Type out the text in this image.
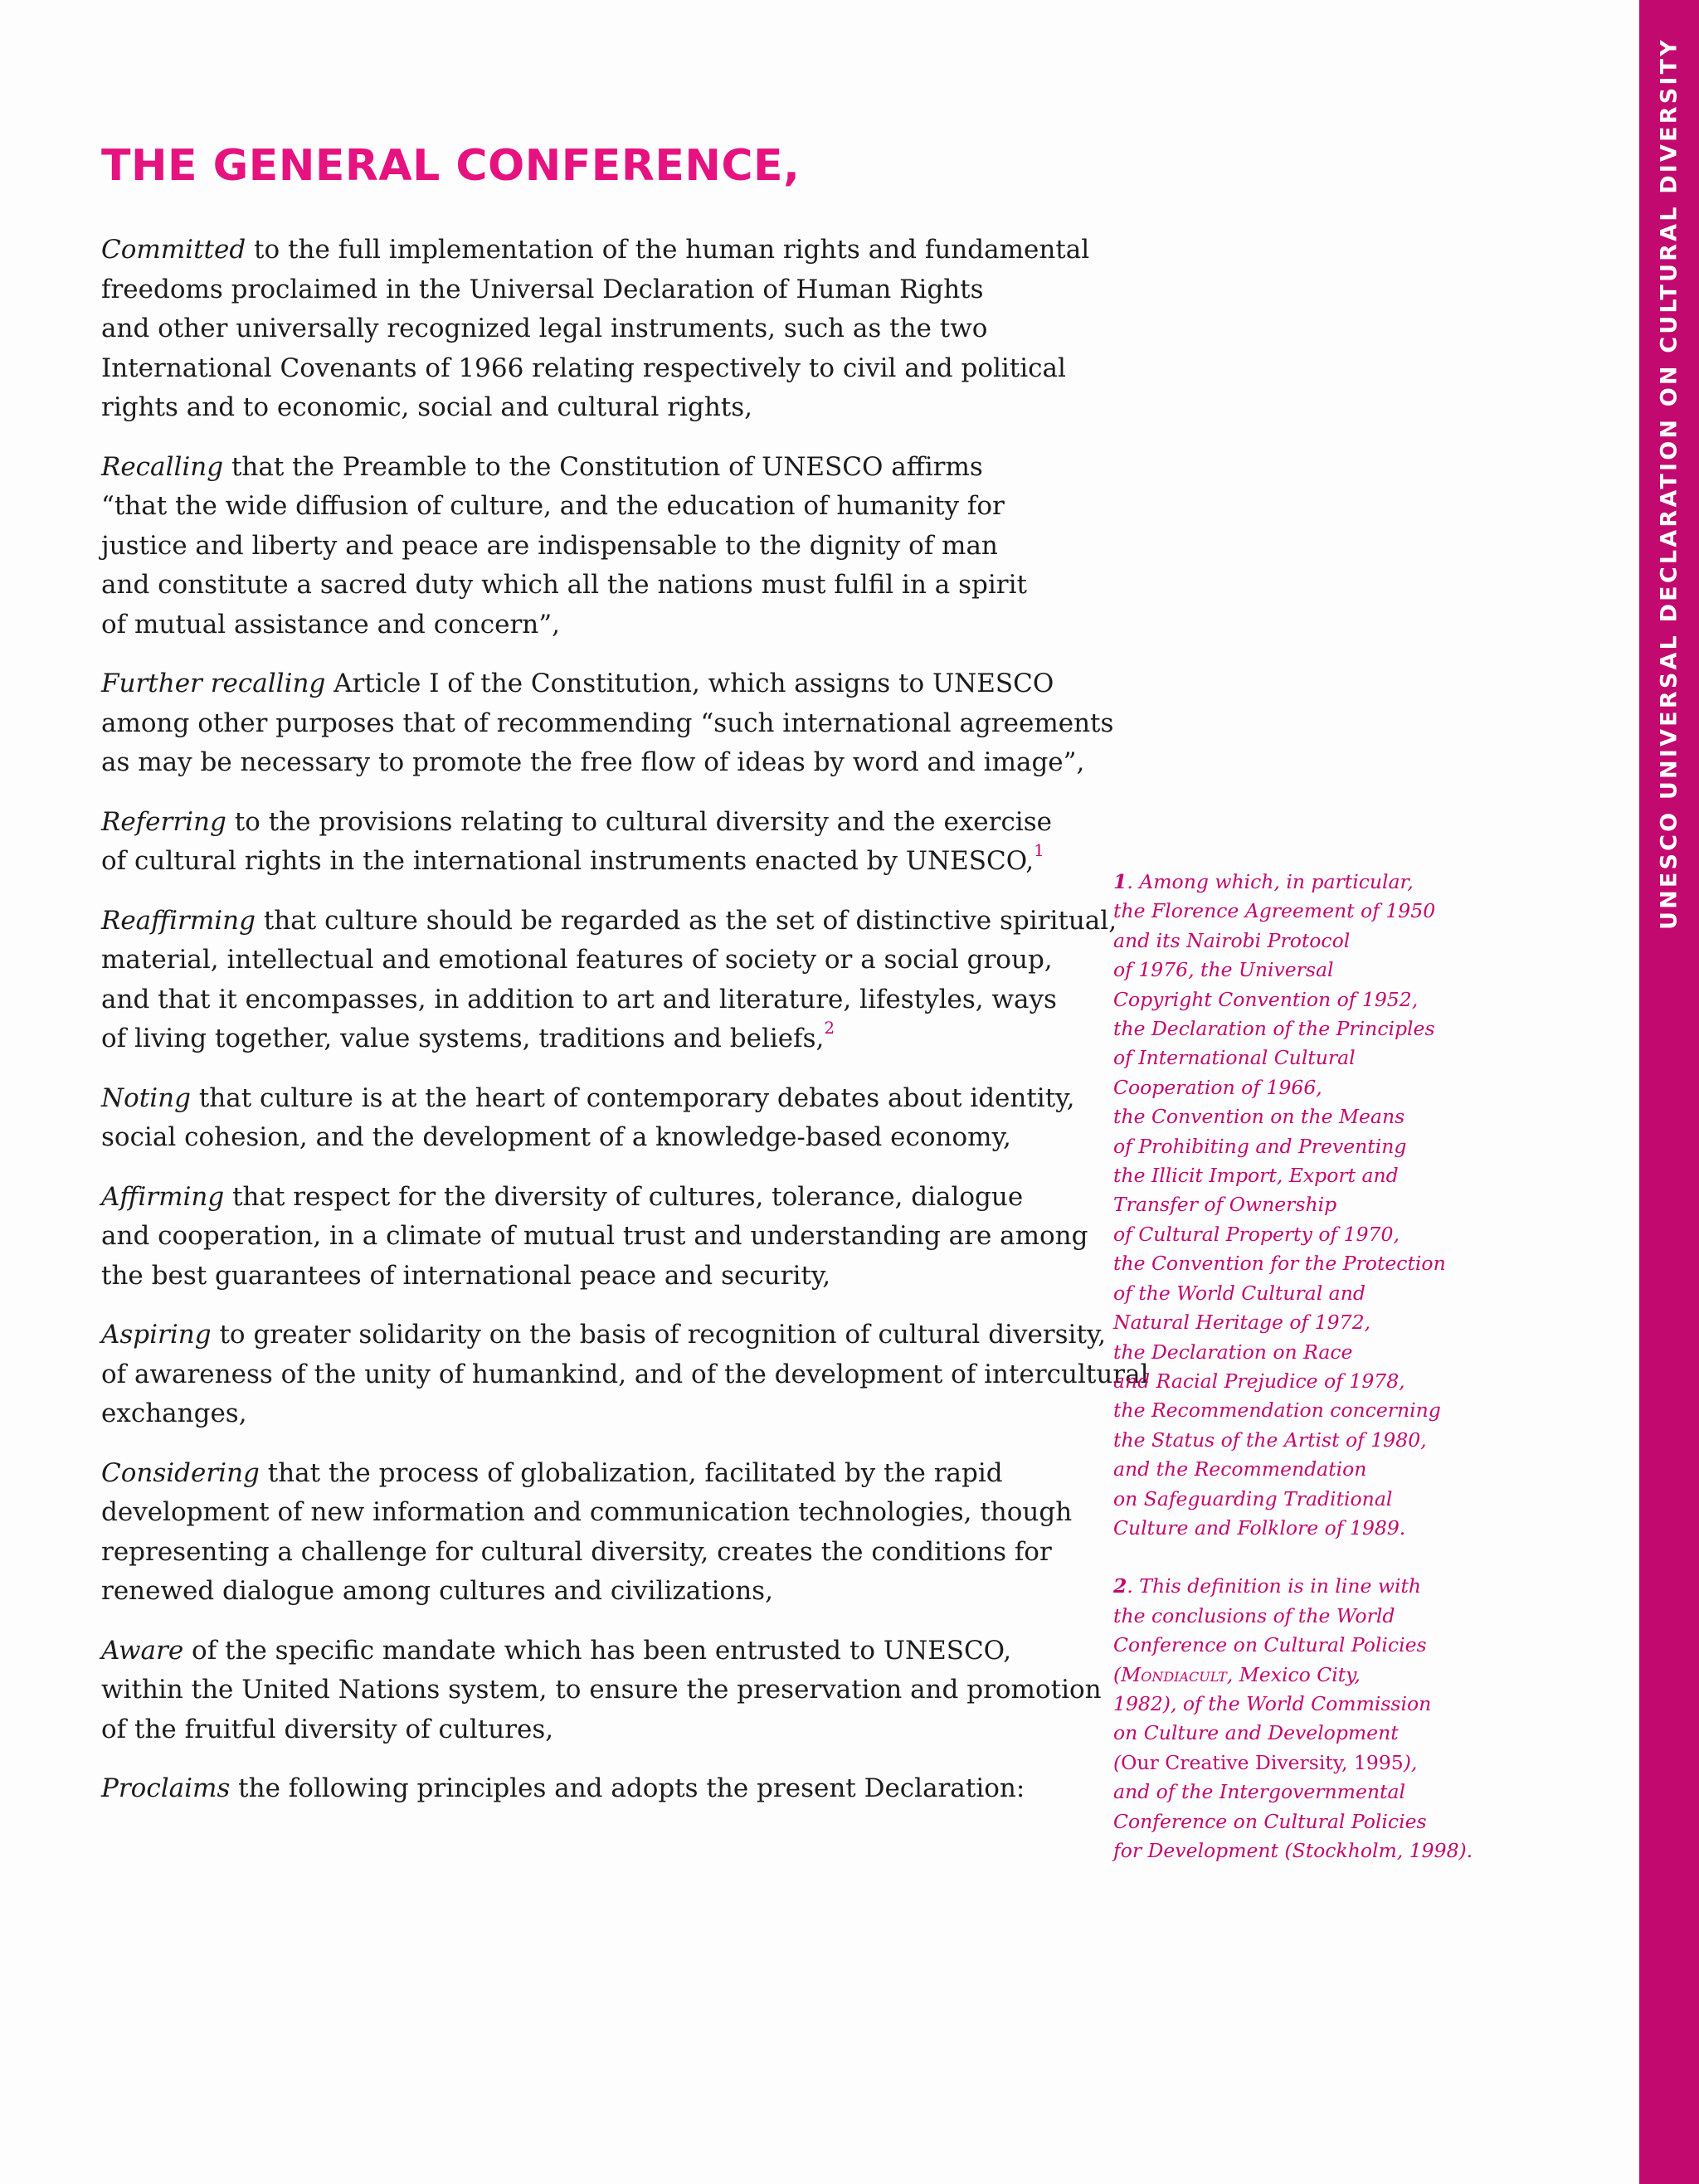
UNESCO UNIVERSAL DECLARATION ON CULTURAL DIVERSITY
THE GENERAL CONFERENCE,

Committed to the full implementation of the human rights and fundamental
freedoms proclaimed in the Universal Declaration of Human Rights
and other universally recognized legal instruments, such as the two
International Covenants of 1966 relating respectively to civil and political
rights and to economic, social and cultural rights,

Recalling that the Preamble to the Constitution of UNESCO affirms
“that the wide diffusion of culture, and the education of humanity for
justice and liberty and peace are indispensable to the dignity of man
and constitute a sacred duty which all the nations must fulfil in a spirit
of mutual assistance and concern”,

Further recalling Article I of the Constitution, which assigns to UNESCO
among other purposes that of recommending “such international agreements
as may be necessary to promote the free flow of ideas by word and image”,

Referring to the provisions relating to cultural diversity and the exercise
of cultural rights in the international instruments enacted by UNESCO,$^1$

Reaffirming that culture should be regarded as the set of distinctive spiritual,
material, intellectual and emotional features of society or a social group,
and that it encompasses, in addition to art and literature, lifestyles, ways
of living together, value systems, traditions and beliefs,$^2$

Noting that culture is at the heart of contemporary debates about identity,
social cohesion, and the development of a knowledge-based economy,

Affirming that respect for the diversity of cultures, tolerance, dialogue
and cooperation, in a climate of mutual trust and understanding are among
the best guarantees of international peace and security,

Aspiring to greater solidarity on the basis of recognition of cultural diversity,
of awareness of the unity of humankind, and of the development of intercultural
exchanges,

Considering that the process of globalization, facilitated by the rapid
development of new information and communication technologies, though
representing a challenge for cultural diversity, creates the conditions for
renewed dialogue among cultures and civilizations,

Aware of the specific mandate which has been entrusted to UNESCO,
within the United Nations system, to ensure the preservation and promotion
of the fruitful diversity of cultures,

Proclaims the following principles and adopts the present Declaration:

1. Among which, in particular,
the Florence Agreement of 1950
and its Nairobi Protocol
of 1976, the Universal
Copyright Convention of 1952,
the Declaration of the Principles
of International Cultural
Cooperation of 1966,
the Convention on the Means
of Prohibiting and Preventing
the Illicit Import, Export and
Transfer of Ownership
of Cultural Property of 1970,
the Convention for the Protection
of the World Cultural and
Natural Heritage of 1972,
the Declaration on Race
and Racial Prejudice of 1978,
the Recommendation concerning
the Status of the Artist of 1980,
and the Recommendation
on Safeguarding Traditional
Culture and Folklore of 1989.
2. This definition is in line with
the conclusions of the World
Conference on Cultural Policies
(Mondiacult, Mexico City,
1982), of the World Commission
on Culture and Development
(Our Creative Diversity, 1995),
and of the Intergovernmental
Conference on Cultural Policies
for Development (Stockholm, 1998).
